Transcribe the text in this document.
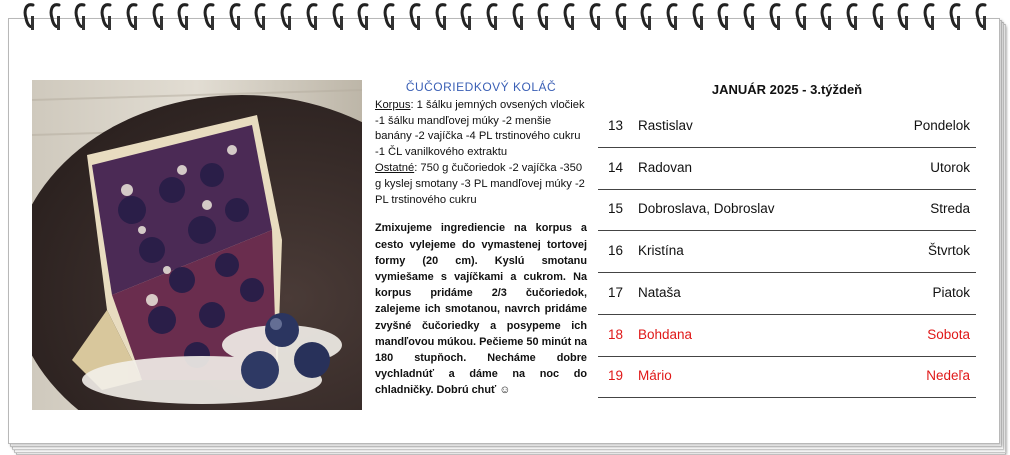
ČUČORIEDKOVÝ KOLÁČ
Korpus: 1 šálku jemných ovsených vločiek -1 šálku mandľovej múky -2 menšie banány -2 vajíčka -4 PL trstinového cukru -1 ČL vanilkového extraktu
Ostatné: 750 g čučoriedok -2 vajíčka -350 g kyslej smotany -3 PL mandľovej múky -2 PL trstinového cukru
Zmixujeme ingrediencie na korpus a cesto vylejeme do vymastenej tortovej formy (20 cm). Kyslú smotanu vymiešame s vajíčkami a cukrom. Na korpus pridáme 2/3 čučoriedok, zalejeme ich smotanou, navrch pridáme zvyšné čučoriedky a posypeme ich mandľovou múkou. Pečieme 50 minút na 180 stupňoch. Necháme dobre vychladnúť a dáme na noc do chladničky. Dobrú chuť ☺
JANUÁR 2025 - 3.týždeň
13 Rastislav	Pondelok
14 Radovan	Utorok
15 Dobroslava, Dobroslav	Streda
16 Kristína	Štvrtok
17 Nataša	Piatok
18 Bohdana	Sobota
19 Mário	Nedeľa
